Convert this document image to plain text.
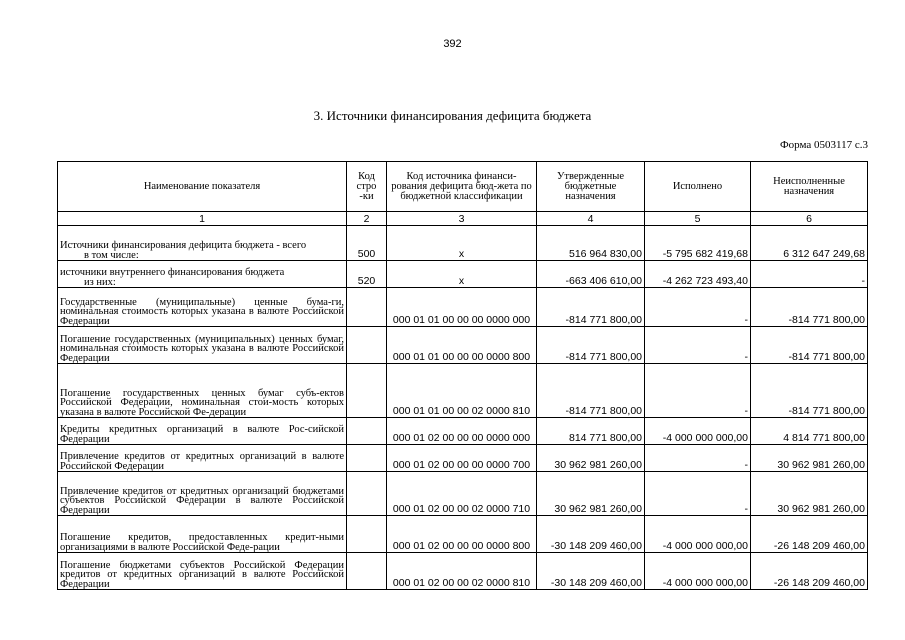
392
3. Источники финансирования дефицита бюджета
Форма 0503117 с.3
Наименование показателя	Код стро -ки	Код источника финанси-рования дефицита бюд-жета по бюджетной классификации	Утвержденные бюджетные назначения	Исполнено	Неисполненные назначения
1	2	3	4	5	6
Источники финансирования дефицита бюджета - всего
в том числе:	500	x	516 964 830,00	-5 795 682 419,68	6 312 647 249,68
источники внутреннего финансирования бюджета
из них:	520	x	-663 406 610,00	-4 262 723 493,40	-
Государственные (муниципальные) ценные бума-ги, номинальная стоимость которых указана в валюте Российской Федерации		000 01 01 00 00 00 0000 000	-814 771 800,00	-	-814 771 800,00
Погашение государственных (муниципальных) ценных бумаг, номинальная стоимость которых указана в валюте Российской Федерации		000 01 01 00 00 00 0000 800	-814 771 800,00	-	-814 771 800,00
Погашение государственных ценных бумаг субъ-ектов Российской Федерации, номинальная стои-мость которых указана в валюте Российской Фе-дерации		000 01 01 00 00 02 0000 810	-814 771 800,00	-	-814 771 800,00
Кредиты кредитных организаций в валюте Рос-сийской Федерации		000 01 02 00 00 00 0000 000	814 771 800,00	-4 000 000 000,00	4 814 771 800,00
Привлечение кредитов от кредитных организаций в валюте Российской Федерации		000 01 02 00 00 00 0000 700	30 962 981 260,00	-	30 962 981 260,00
Привлечение кредитов от кредитных организаций бюджетами субъектов Российской Федерации в валюте Российской Федерации		000 01 02 00 00 02 0000 710	30 962 981 260,00	-	30 962 981 260,00
Погашение кредитов, предоставленных кредит-ными организациями в валюте Российской Феде-рации		000 01 02 00 00 00 0000 800	-30 148 209 460,00	-4 000 000 000,00	-26 148 209 460,00
Погашение бюджетами субъектов Российской Федерации кредитов от кредитных организаций в валюте Российской Федерации		000 01 02 00 00 02 0000 810	-30 148 209 460,00	-4 000 000 000,00	-26 148 209 460,00
